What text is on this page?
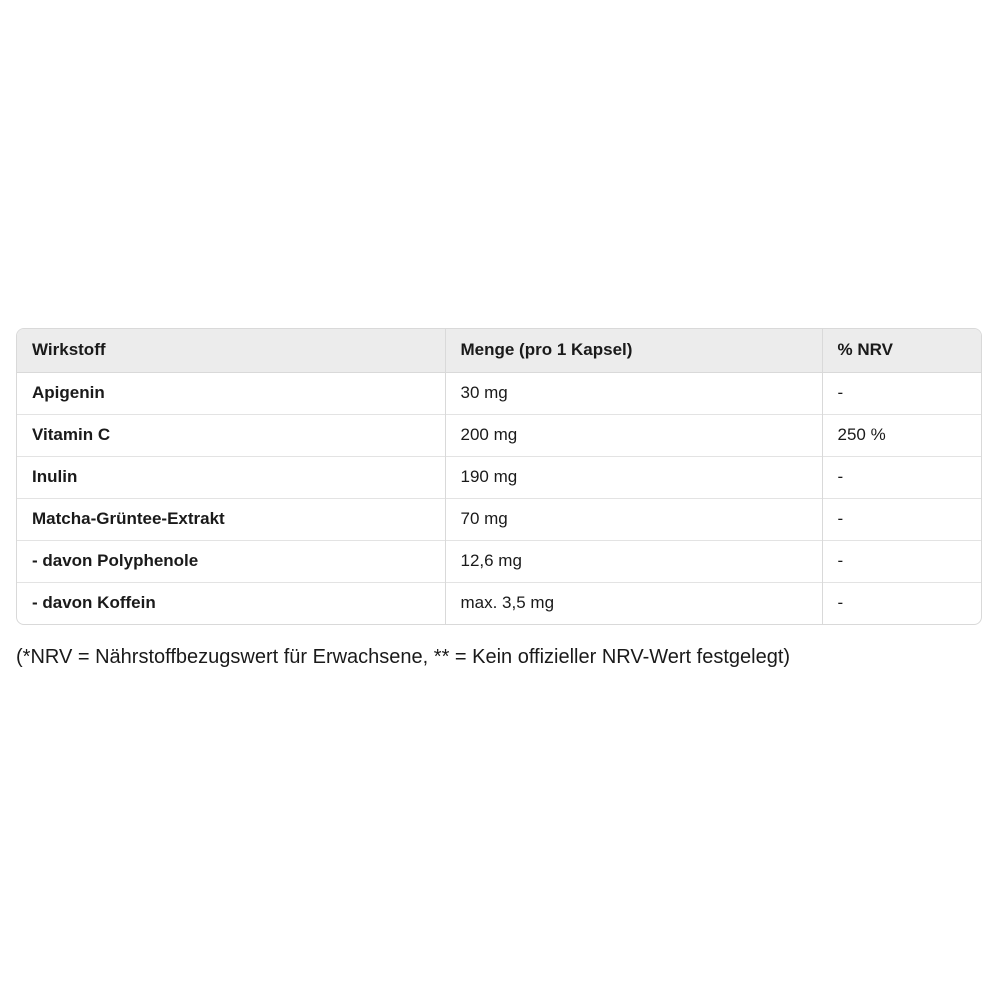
Wirkstoff	Menge (pro 1 Kapsel)	% NRV
Apigenin	30 mg	-
Vitamin C	200 mg	250 %
Inulin	190 mg	-
Matcha-Grüntee-Extrakt	70 mg	-
- davon Polyphenole	12,6 mg	-
- davon Koffein	max. 3,5 mg	-
(*NRV = Nährstoffbezugswert für Erwachsene, ** = Kein offizieller NRV-Wert festgelegt)
